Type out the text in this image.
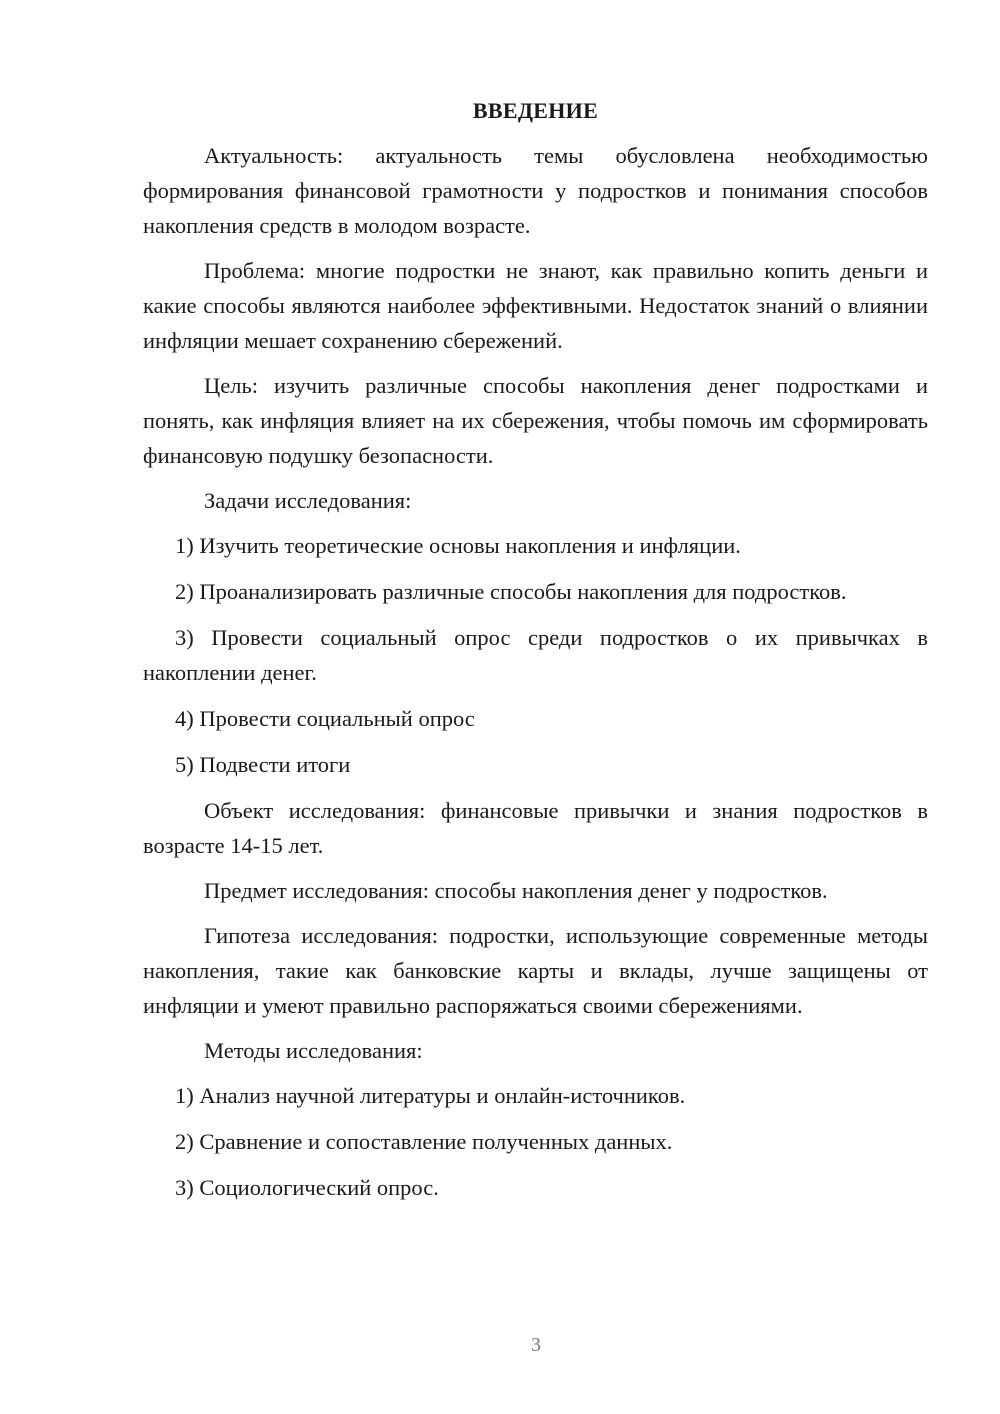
ВВЕДЕНИЕ

Актуальность: актуальность темы обусловлена необходимостью формирования финансовой грамотности у подростков и понимания способов накопления средств в молодом возрасте.

Проблема: многие подростки не знают, как правильно копить деньги и какие способы являются наиболее эффективными. Недостаток знаний о влиянии инфляции мешает сохранению сбережений.

Цель: изучить различные способы накопления денег подростками и понять, как инфляция влияет на их сбережения, чтобы помочь им сформировать финансовую подушку безопасности.

Задачи исследования:

1) Изучить теоретические основы накопления и инфляции.

2) Проанализировать различные способы накопления для подростков.

3) Провести социальный опрос среди подростков о их привычках в накоплении денег.

4) Провести социальный опрос

5) Подвести итоги

Объект исследования: финансовые привычки и знания подростков в возрасте 14-15 лет.

Предмет исследования: способы накопления денег у подростков.

Гипотеза исследования: подростки, использующие современные методы накопления, такие как банковские карты и вклады, лучше защищены от инфляции и умеют правильно распоряжаться своими сбережениями.

Методы исследования:

1) Анализ научной литературы и онлайн-источников.

2) Сравнение и сопоставление полученных данных.

3) Социологический опрос.

3
